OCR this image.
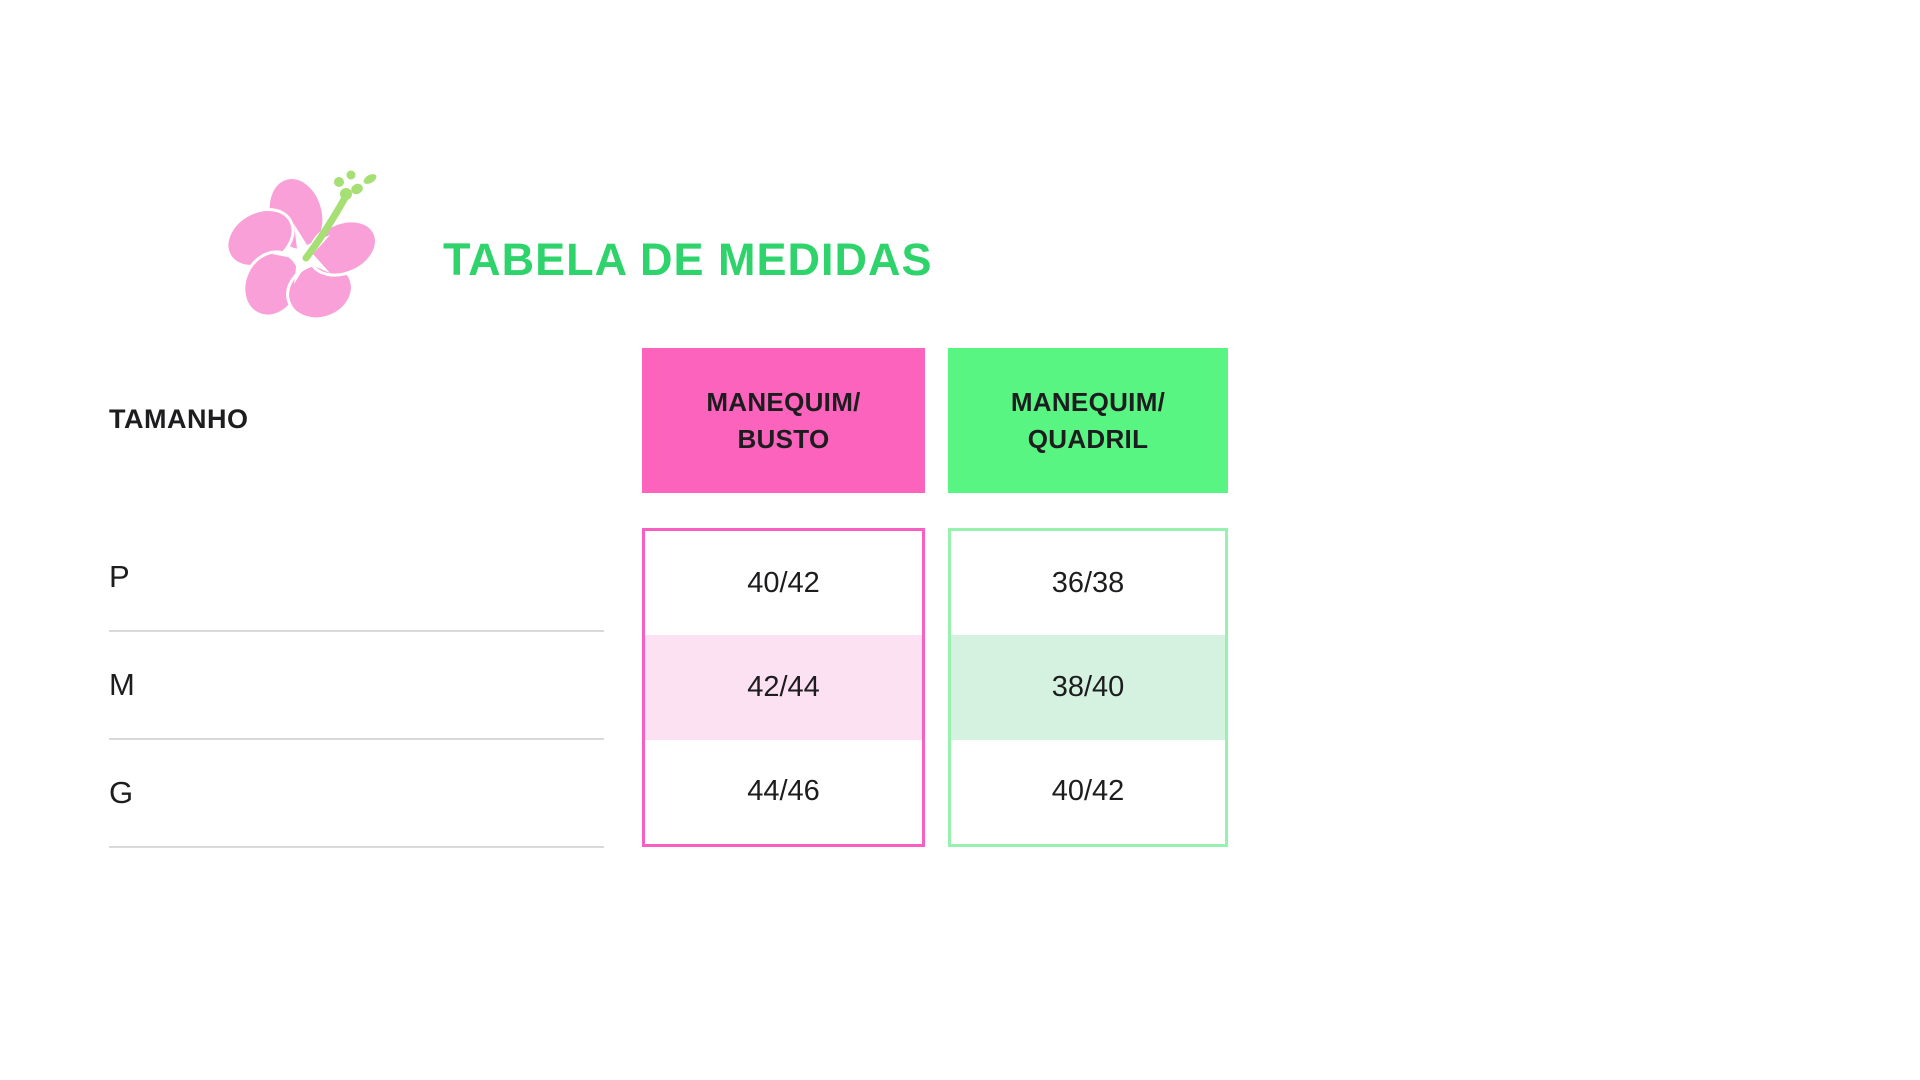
TABELA DE MEDIDAS
TAMANHO
MANEQUIM/
BUSTO
MANEQUIM/
QUADRIL
P
M
G
40/42
42/44
44/46
36/38
38/40
40/42
